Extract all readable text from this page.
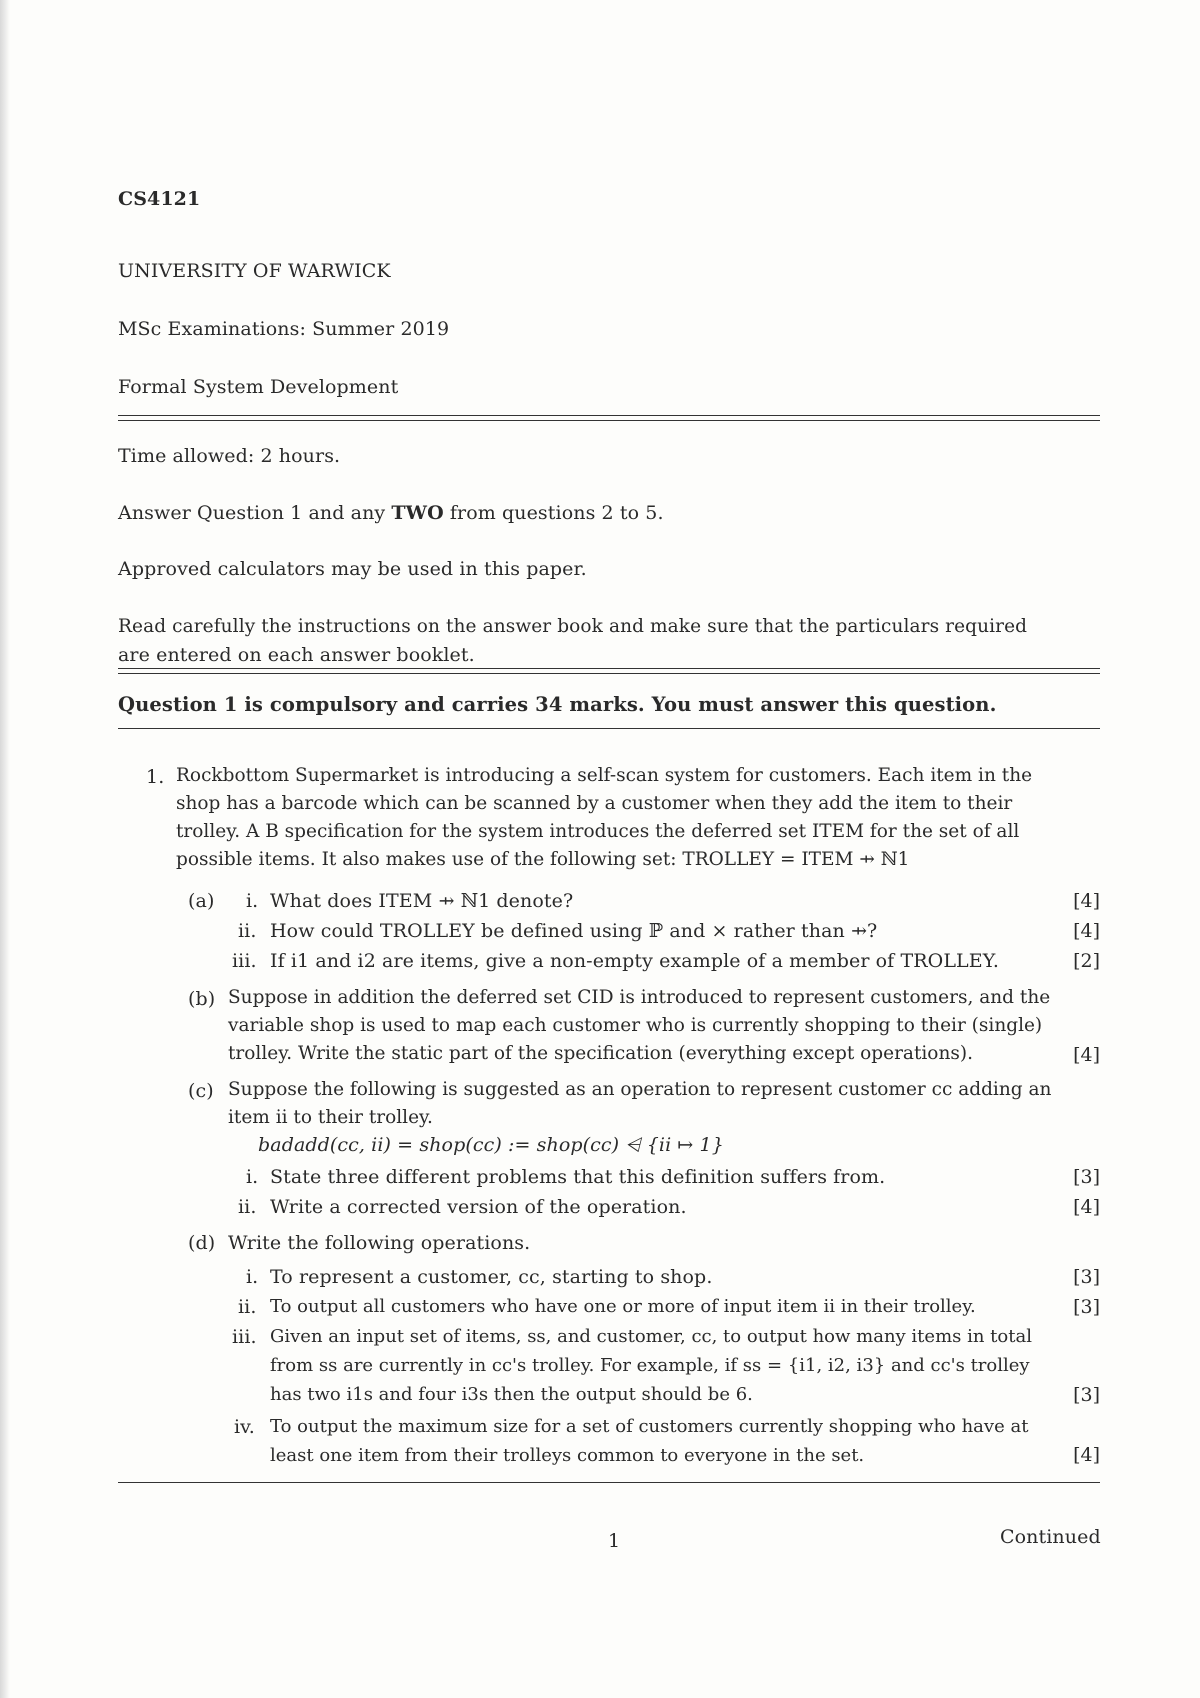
CS4121
UNIVERSITY OF WARWICK
MSc Examinations: Summer 2019
Formal System Development
Time allowed: 2 hours.
Answer Question 1 and any TWO from questions 2 to 5.
Approved calculators may be used in this paper.
Read carefully the instructions on the answer book and make sure that the particulars required
are entered on each answer booklet.
Question 1 is compulsory and carries 34 marks. You must answer this question.
1. Rockbottom Supermarket is introducing a self-scan system for customers. Each item in the
shop has a barcode which can be scanned by a customer when they add the item to their
trolley. A B specification for the system introduces the deferred set ITEM for the set of all
possible items. It also makes use of the following set: TROLLEY = ITEM ⇸ ℕ1
(a) i. What does ITEM ⇸ ℕ1 denote?	[4]
ii. How could TROLLEY be defined using ℙ and × rather than ⇸?	[4]
iii. If i1 and i2 are items, give a non-empty example of a member of TROLLEY.	[2]
(b) Suppose in addition the deferred set CID is introduced to represent customers, and the
variable shop is used to map each customer who is currently shopping to their (single)
trolley. Write the static part of the specification (everything except operations).	[4]
(c) Suppose the following is suggested as an operation to represent customer cc adding an
item ii to their trolley.
badadd(cc, ii) = shop(cc) := shop(cc) ⩤ {ii ↦ 1}
i. State three different problems that this definition suffers from.	[3]
ii. Write a corrected version of the operation.	[4]
(d) Write the following operations.
i. To represent a customer, cc, starting to shop.	[3]
ii. To output all customers who have one or more of input item ii in their trolley.	[3]
iii. Given an input set of items, ss, and customer, cc, to output how many items in total
from ss are currently in cc's trolley. For example, if ss = {i1, i2, i3} and cc's trolley
has two i1s and four i3s then the output should be 6.	[3]
iv. To output the maximum size for a set of customers currently shopping who have at
least one item from their trolleys common to everyone in the set.	[4]
1	Continued
